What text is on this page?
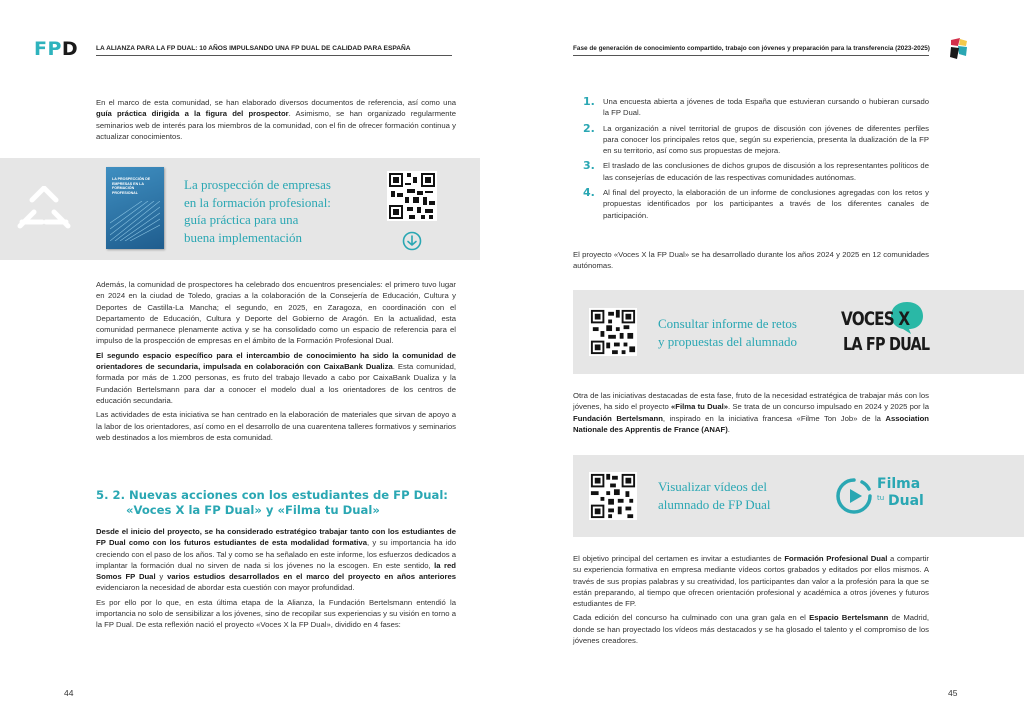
FPD	LA ALIANZA PARA LA FP DUAL: 10 AÑOS IMPULSANDO UNA FP DUAL DE CALIDAD PARA ESPAÑA	Fase de generación de conocimiento compartido, trabajo con jóvenes y preparación para la transferencia (2023-2025)
En el marco de esta comunidad, se han elaborado diversos documentos de referencia, así como una guía práctica dirigida a la figura del prospector. Asimismo, se han organizado regularmente seminarios web de interés para los miembros de la comunidad, con el fin de ofrecer formación continua y actualizar conocimientos.
LA PROSPECCIÓN DE EMPRESAS EN LA FORMACIÓN PROFESIONAL
La prospección de empresas
en la formación profesional:
guía práctica para una
buena implementación

Además, la comunidad de prospectores ha celebrado dos encuentros presenciales: el primero tuvo lugar en 2024 en la ciudad de Toledo, gracias a la colaboración de la Consejería de Educación, Cultura y Deportes de Castilla-La Mancha; el segundo, en 2025, en Zaragoza, en coordinación con el Departamento de Educación, Cultura y Deporte del Gobierno de Aragón. En la actualidad, esta comunidad permanece plenamente activa y se ha consolidado como un espacio de referencia para el impulso de la prospección de empresas en el ámbito de la Formación Profesional Dual.

El segundo espacio específico para el intercambio de conocimiento ha sido la comunidad de orientadores de secundaria, impulsada en colaboración con CaixaBank Dualiza. Esta comunidad, formada por más de 1.200 personas, es fruto del trabajo llevado a cabo por CaixaBank Dualiza y la Fundación Bertelsmann para dar a conocer el modelo dual a los orientadores de los centros de educación secundaria.

Las actividades de esta iniciativa se han centrado en la elaboración de materiales que sirvan de apoyo a la labor de los orientadores, así como en el desarrollo de una cuarentena talleres formativos y seminarios web destinados a los miembros de esta comunidad.

5. 2. Nuevas acciones con los estudiantes de FP Dual:
«Voces X la FP Dual» y «Filma tu Dual»

Desde el inicio del proyecto, se ha considerado estratégico trabajar tanto con los estudiantes de FP Dual como con los futuros estudiantes de esta modalidad formativa, y su importancia ha ido creciendo con el paso de los años. Tal y como se ha señalado en este informe, los esfuerzos dedicados a implantar la formación dual no sirven de nada si los jóvenes no la escogen. En este sentido, la red Somos FP Dual y varios estudios desarrollados en el marco del proyecto en años anteriores evidenciaron la necesidad de abordar esta cuestión con mayor profundidad.

Es por ello por lo que, en esta última etapa de la Alianza, la Fundación Bertelsmann entendió la importancia no solo de sensibilizar a los jóvenes, sino de recopilar sus experiencias y su visión en torno a la FP Dual. De esta reflexión nació el proyecto «Voces X la FP Dual», dividido en 4 fases:

44
1. Una encuesta abierta a jóvenes de toda España que estuvieran cursando o hubieran cursado la FP Dual.
2. La organización a nivel territorial de grupos de discusión con jóvenes de diferentes perfiles para conocer los principales retos que, según su experiencia, presenta la dualización de la FP en su territorio, así como sus propuestas de mejora.
3. El traslado de las conclusiones de dichos grupos de discusión a los representantes políticos de las consejerías de educación de las respectivas comunidades autónomas.
4. Al final del proyecto, la elaboración de un informe de conclusiones agregadas con los retos y propuestas identificados por los participantes a través de los diferentes canales de participación.

El proyecto «Voces X la FP Dual» se ha desarrollado durante los años 2024 y 2025 en 12 comunidades autónomas.

Consultar informe de retos
y propuestas del alumnado
VOCES X
LA FP DUAL

Otra de las iniciativas destacadas de esta fase, fruto de la necesidad estratégica de trabajar más con los jóvenes, ha sido el proyecto «Filma tu Dual». Se trata de un concurso impulsado en 2024 y 2025 por la Fundación Bertelsmann, inspirado en la iniciativa francesa «Filme Ton Job» de la Association Nationale des Apprentis de France (ANAF).

Visualizar vídeos del
alumnado de FP Dual
Filma
tu Dual

El objetivo principal del certamen es invitar a estudiantes de Formación Profesional Dual a compartir su experiencia formativa en empresa mediante vídeos cortos grabados y editados por ellos mismos. A través de sus propias palabras y su creatividad, los participantes dan valor a la profesión para la que se están preparando, al tiempo que ofrecen orientación profesional y académica a otros jóvenes y futuros estudiantes de FP.

Cada edición del concurso ha culminado con una gran gala en el Espacio Bertelsmann de Madrid, donde se han proyectado los vídeos más destacados y se ha glosado el talento y el compromiso de los jóvenes creadores.

45
